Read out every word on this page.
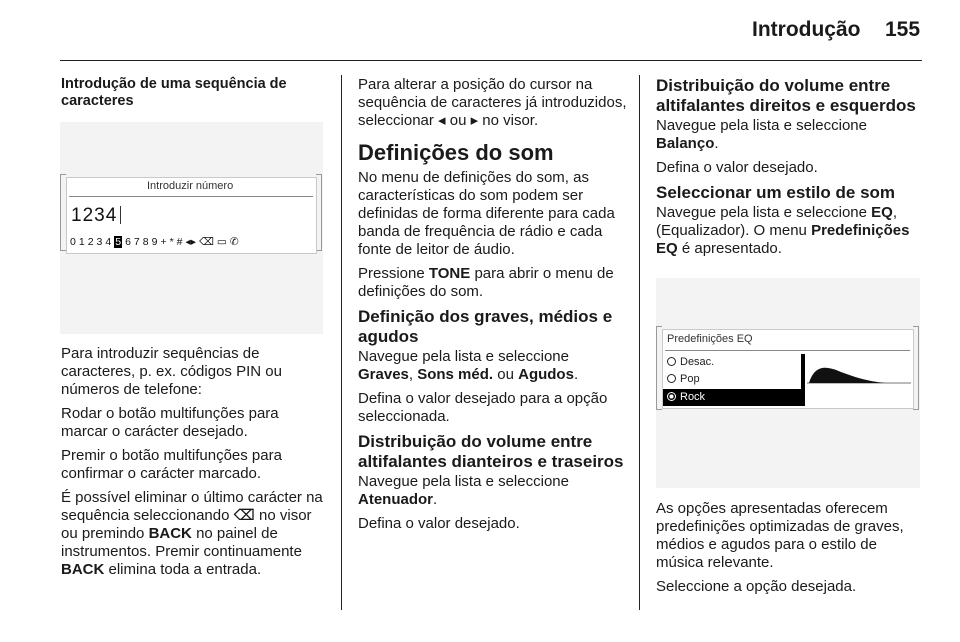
Introdução 155
Introdução de uma sequência de caracteres
Introduzir número
1234
0 1 2 3 4 5 6 7 8 9 + * # ◂▸ ⌫ ▭ ✆

Para introduzir sequências de caracteres, p. ex. códigos PIN ou números de telefone:

Rodar o botão multifunções para marcar o carácter desejado.

Premir o botão multifunções para confirmar o carácter marcado.

É possível eliminar o último carácter na sequência seleccionando ⌫ no visor ou premindo BACK no painel de instrumentos. Premir continuamente BACK elimina toda a entrada.

Para alterar a posição do cursor na sequência de caracteres já introduzidos, seleccionar ◂ ou ▸ no visor.

Definições do som

No menu de definições do som, as características do som podem ser definidas de forma diferente para cada banda de frequência de rádio e cada fonte de leitor de áudio.

Pressione TONE para abrir o menu de definições do som.

Definição dos graves, médios e agudos

Navegue pela lista e seleccione Graves, Sons méd. ou Agudos.

Defina o valor desejado para a opção seleccionada.

Distribuição do volume entre altifalantes dianteiros e traseiros

Navegue pela lista e seleccione Atenuador.

Defina o valor desejado.

Distribuição do volume entre altifalantes direitos e esquerdos

Navegue pela lista e seleccione Balanço.

Defina o valor desejado.

Seleccionar um estilo de som

Navegue pela lista e seleccione EQ, (Equalizador). O menu Predefinições EQ é apresentado.

Predefinições EQ
Desac.
Pop
Rock

As opções apresentadas oferecem predefinições optimizadas de graves, médios e agudos para o estilo de música relevante.

Seleccione a opção desejada.
